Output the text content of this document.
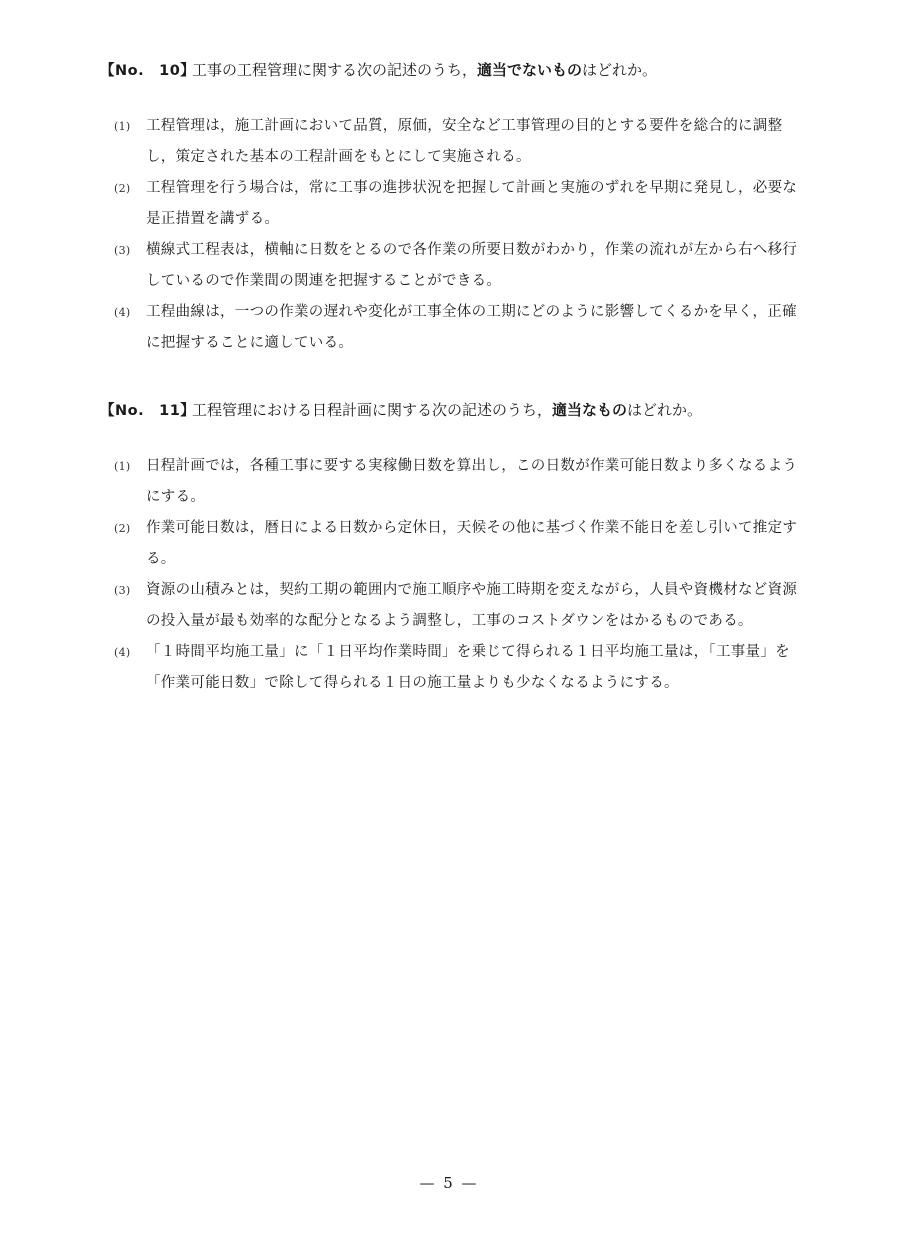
【No.　10】工事の工程管理に関する次の記述のうち，適当でないものはどれか。
(1) 工程管理は，施工計画において品質，原価，安全など工事管理の目的とする要件を総合的に調整し，策定された基本の工程計画をもとにして実施される。
(2) 工程管理を行う場合は，常に工事の進捗状況を把握して計画と実施のずれを早期に発見し，必要な是正措置を講ずる。
(3) 横線式工程表は，横軸に日数をとるので各作業の所要日数がわかり，作業の流れが左から右へ移行しているので作業間の関連を把握することができる。
(4) 工程曲線は，一つの作業の遅れや変化が工事全体の工期にどのように影響してくるかを早く，正確に把握することに適している。
【No.　11】工程管理における日程計画に関する次の記述のうち，適当なものはどれか。
(1) 日程計画では，各種工事に要する実稼働日数を算出し，この日数が作業可能日数より多くなるようにする。
(2) 作業可能日数は，暦日による日数から定休日，天候その他に基づく作業不能日を差し引いて推定する。
(3) 資源の山積みとは，契約工期の範囲内で施工順序や施工時期を変えながら，人員や資機材など資源の投入量が最も効率的な配分となるよう調整し，工事のコストダウンをはかるものである。
(4) 「１時間平均施工量」に「１日平均作業時間」を乗じて得られる１日平均施工量は，「工事量」を「作業可能日数」で除して得られる１日の施工量よりも少なくなるようにする。
— 5 —
